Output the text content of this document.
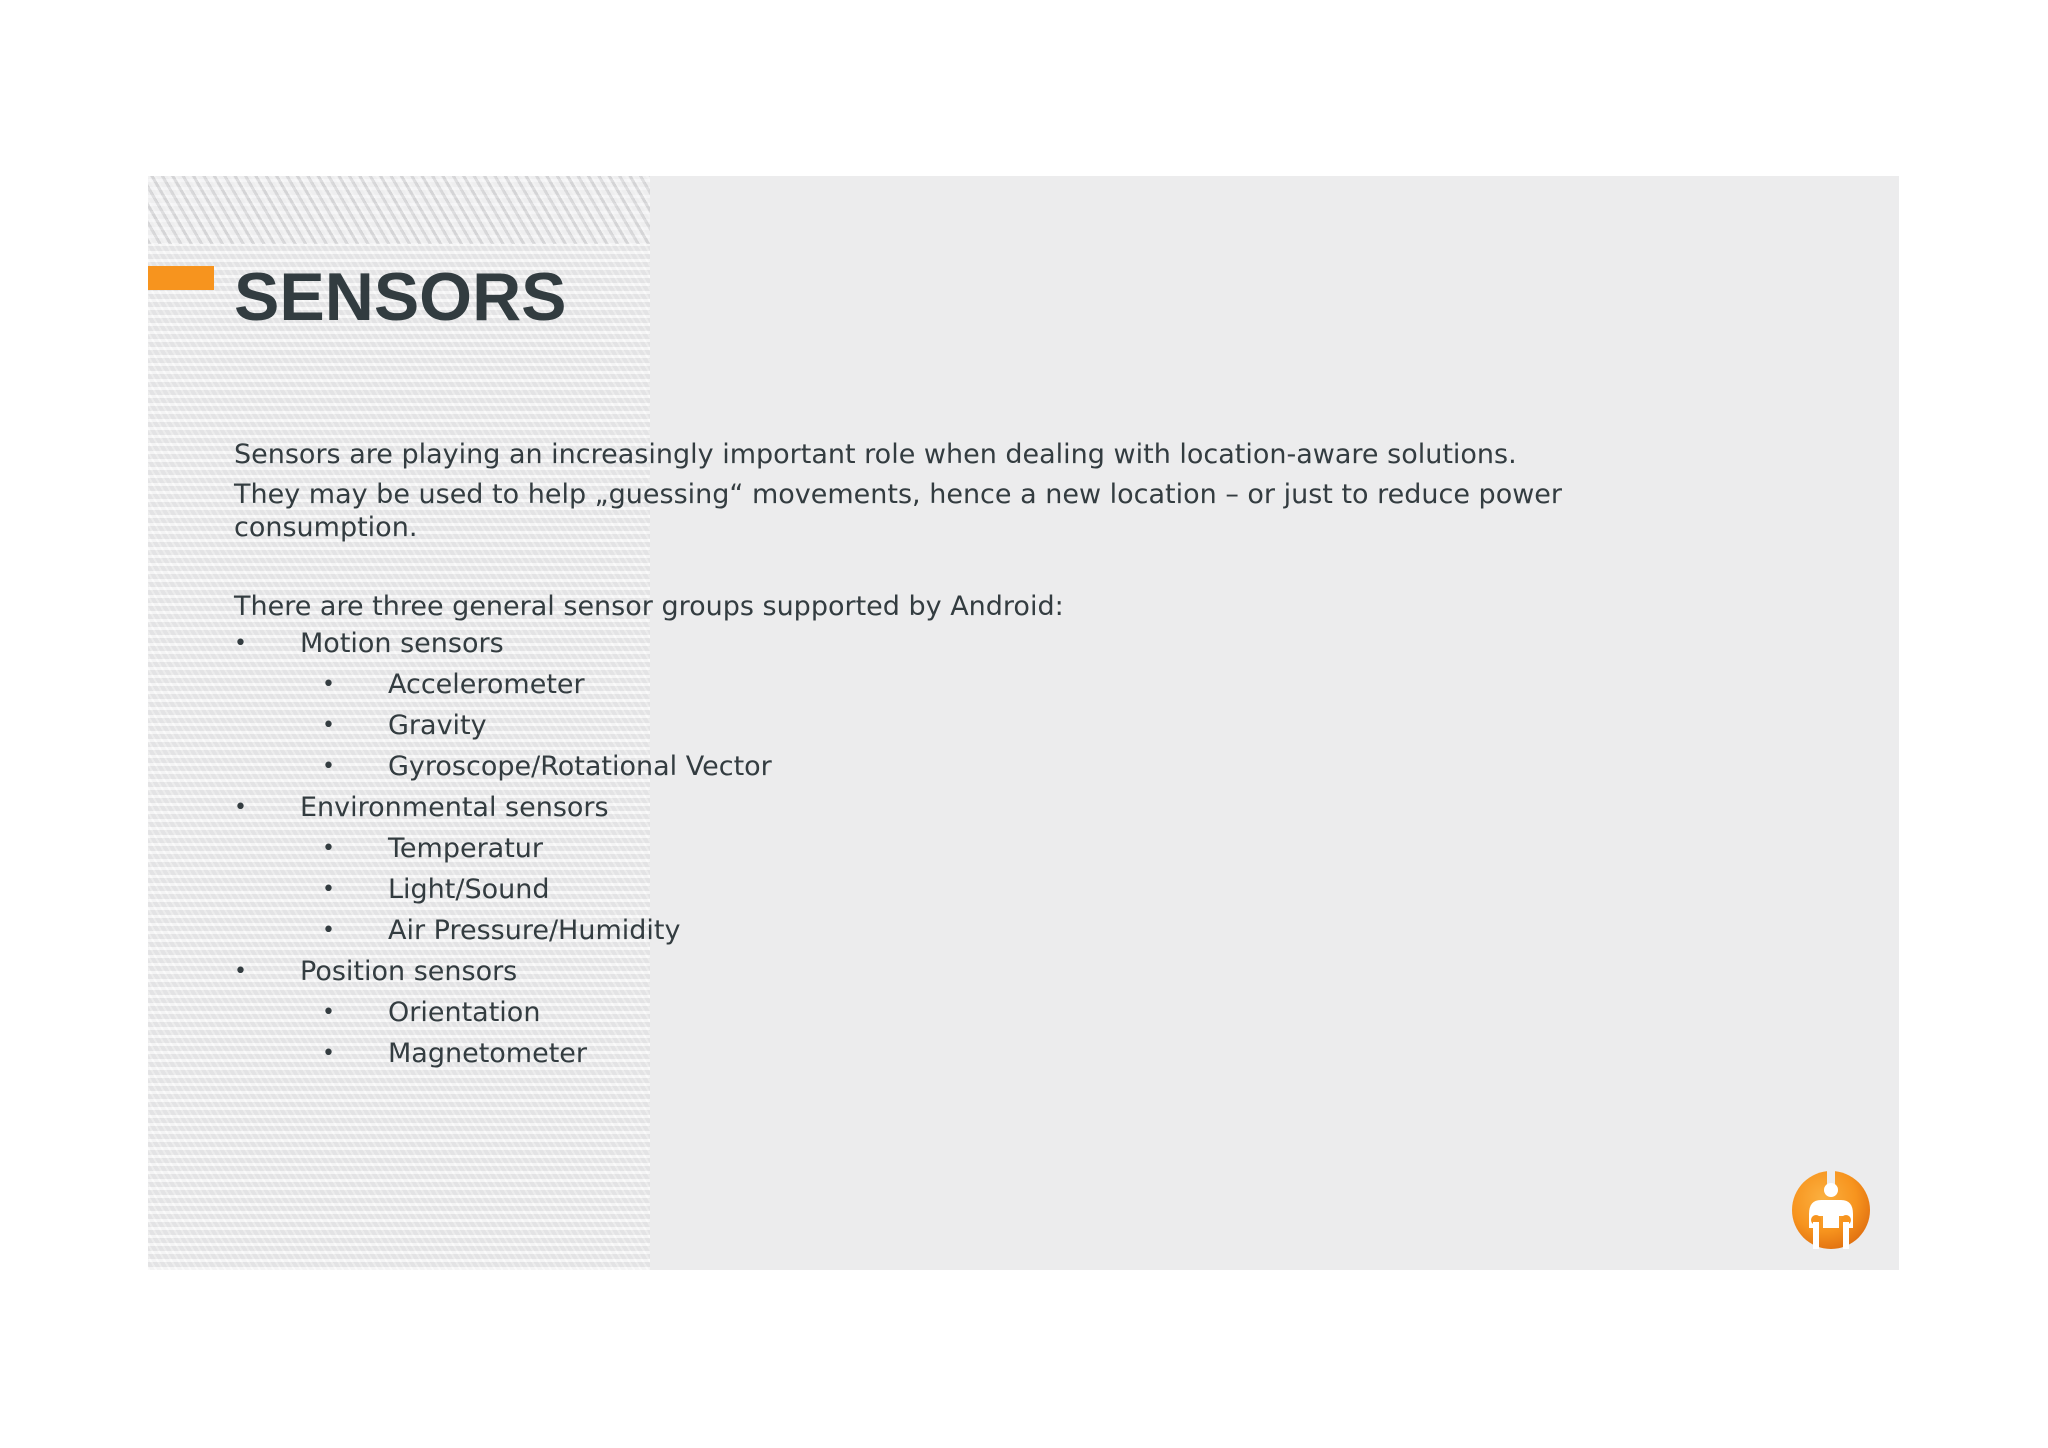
SENSORS

Sensors are playing an increasingly important role when dealing with location-aware solutions.

They may be used to help „guessing“ movements, hence a new location – or just to reduce power consumption.

There are three general sensor groups supported by Android:

•	Motion sensors
•	Accelerometer
•	Gravity
•	Gyroscope/Rotational Vector
•	Environmental sensors
•	Temperatur
•	Light/Sound
•	Air Pressure/Humidity
•	Position sensors
•	Orientation
•	Magnetometer
